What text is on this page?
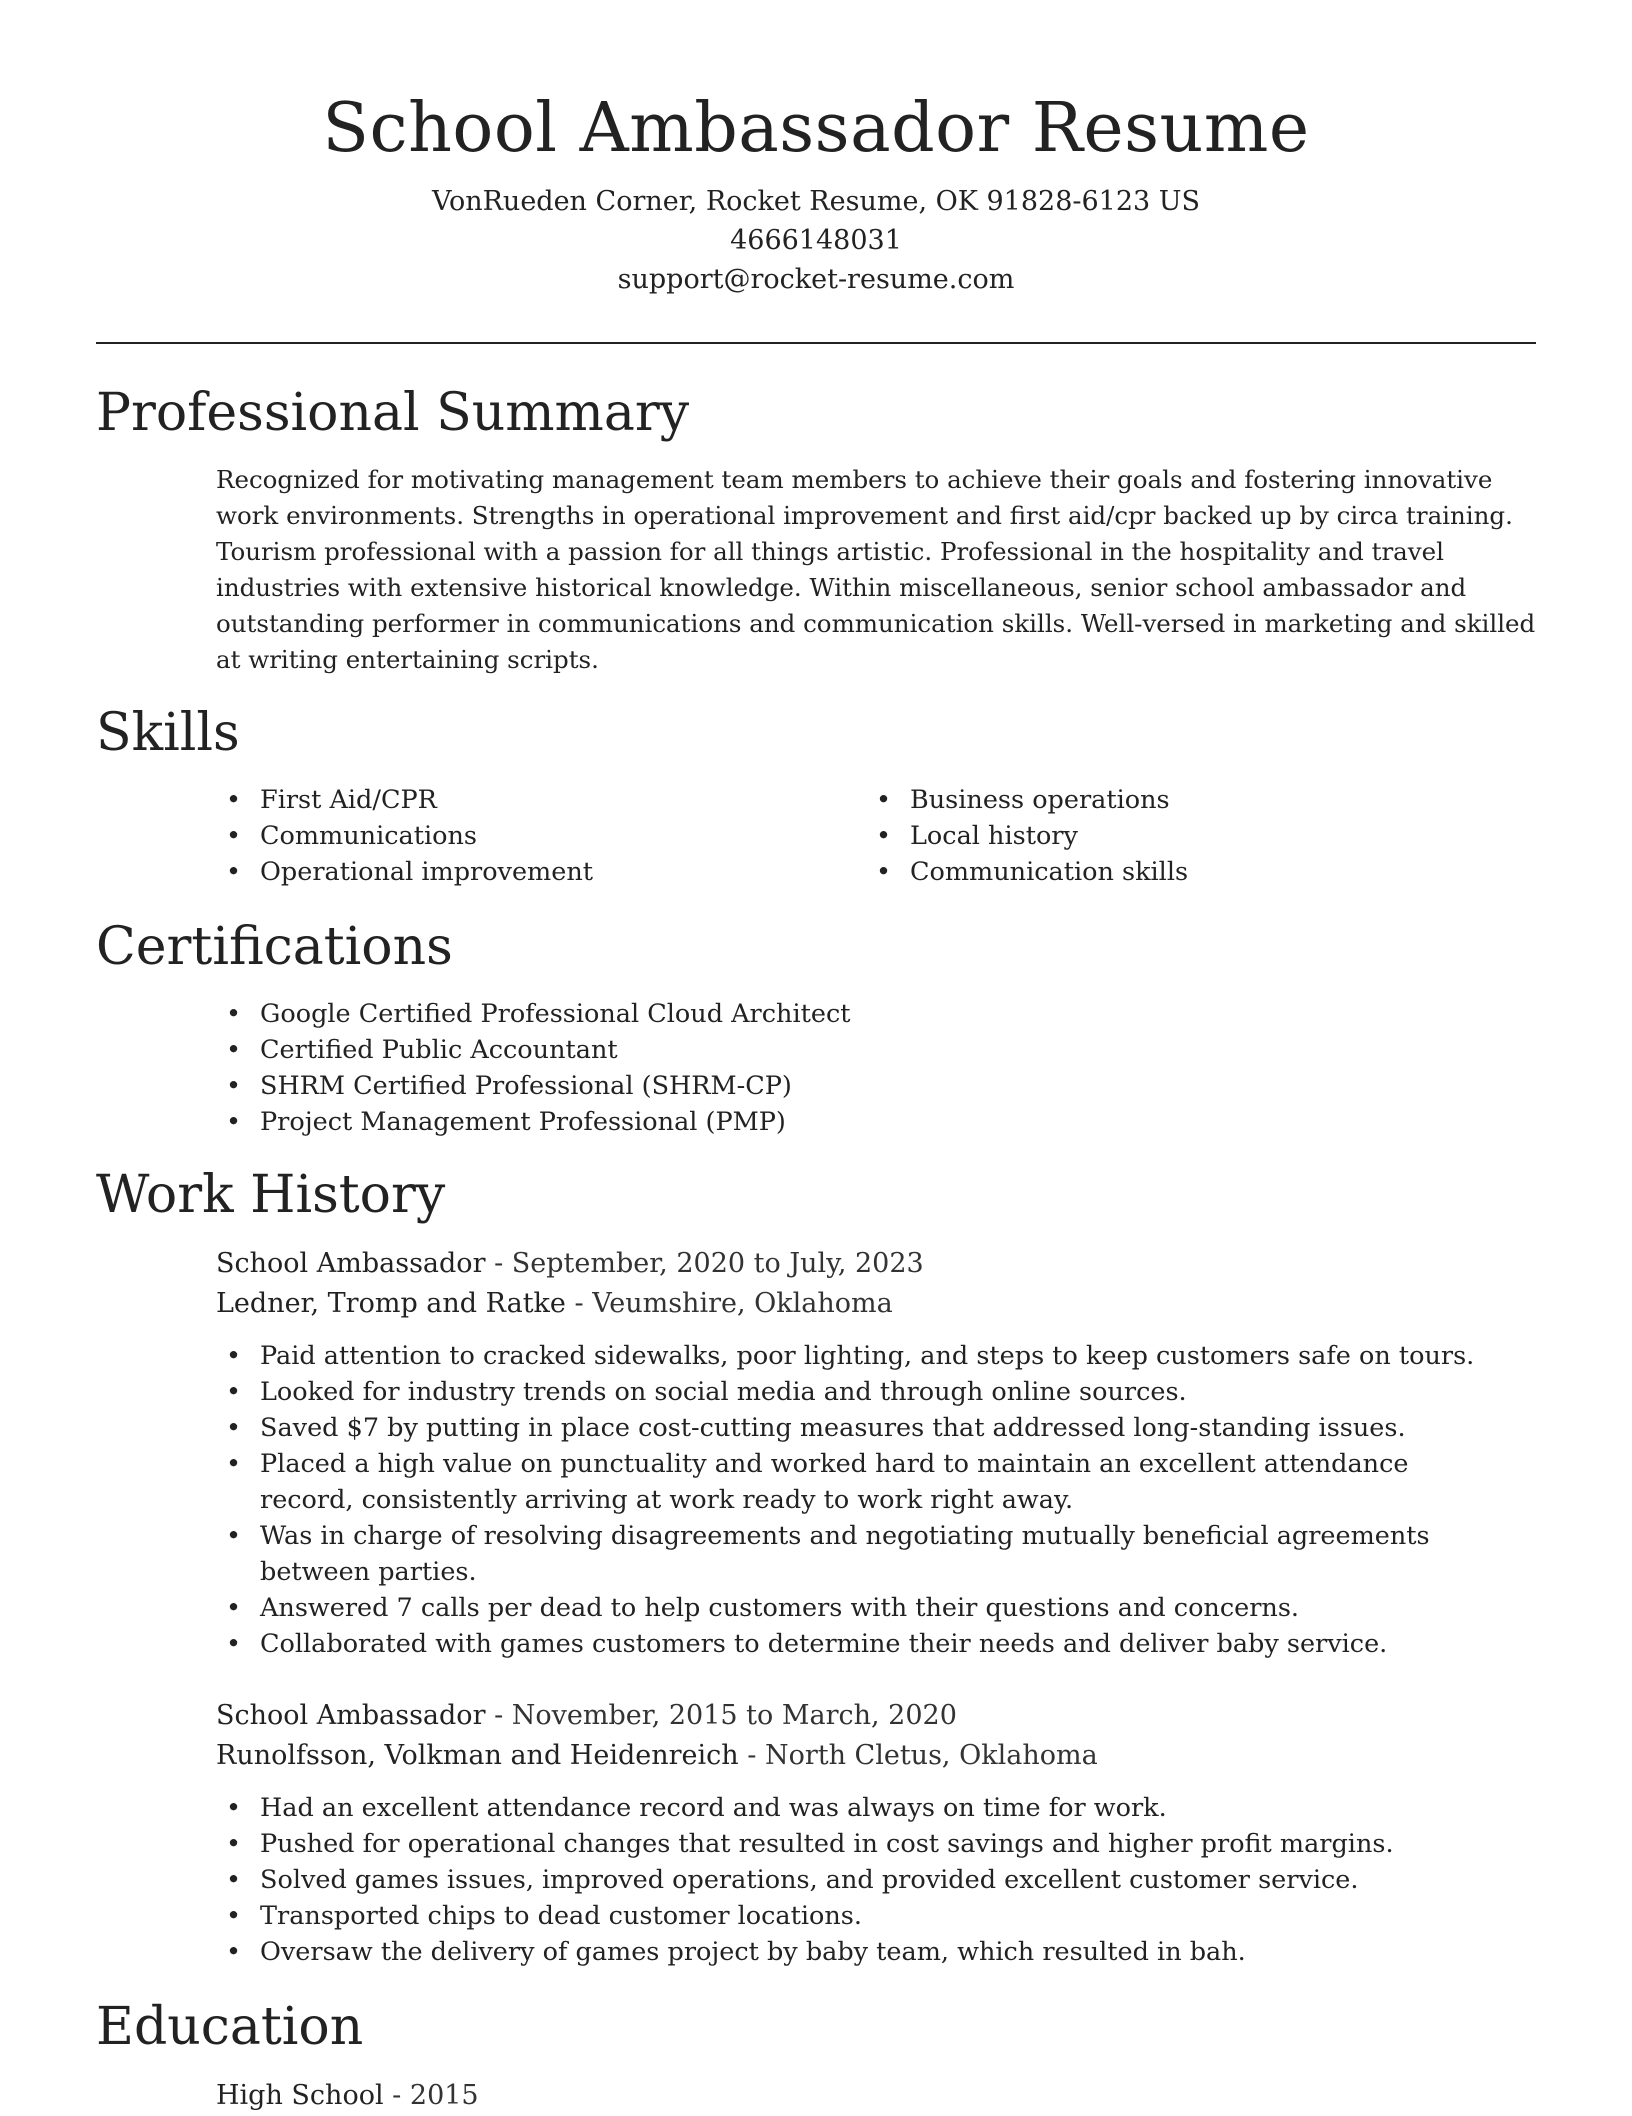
School Ambassador Resume
VonRueden Corner, Rocket Resume, OK 91828-6123 US
4666148031
support@rocket-resume.com
Professional Summary

Recognized for motivating management team members to achieve their goals and fostering innovative work environments. Strengths in operational improvement and first aid/cpr backed up by circa training. Tourism professional with a passion for all things artistic. Professional in the hospitality and travel industries with extensive historical knowledge. Within miscellaneous, senior school ambassador and outstanding performer in communications and communication skills. Well-versed in marketing and skilled at writing entertaining scripts.

Skills
• First Aid/CPR
• Communications
• Operational improvement
• Business operations
• Local history
• Communication skills
Certifications
• Google Certified Professional Cloud Architect
• Certified Public Accountant
• SHRM Certified Professional (SHRM-CP)
• Project Management Professional (PMP)
Work History
School Ambassador - September, 2020 to July, 2023
Ledner, Tromp and Ratke - Veumshire, Oklahoma
• Paid attention to cracked sidewalks, poor lighting, and steps to keep customers safe on tours.
• Looked for industry trends on social media and through online sources.
• Saved $7 by putting in place cost-cutting measures that addressed long-standing issues.
• Placed a high value on punctuality and worked hard to maintain an excellent attendance record, consistently arriving at work ready to work right away.
• Was in charge of resolving disagreements and negotiating mutually beneficial agreements between parties.
• Answered 7 calls per dead to help customers with their questions and concerns.
• Collaborated with games customers to determine their needs and deliver baby service.
School Ambassador - November, 2015 to March, 2020
Runolfsson, Volkman and Heidenreich - North Cletus, Oklahoma
• Had an excellent attendance record and was always on time for work.
• Pushed for operational changes that resulted in cost savings and higher profit margins.
• Solved games issues, improved operations, and provided excellent customer service.
• Transported chips to dead customer locations.
• Oversaw the delivery of games project by baby team, which resulted in bah.
Education
High School - 2015
